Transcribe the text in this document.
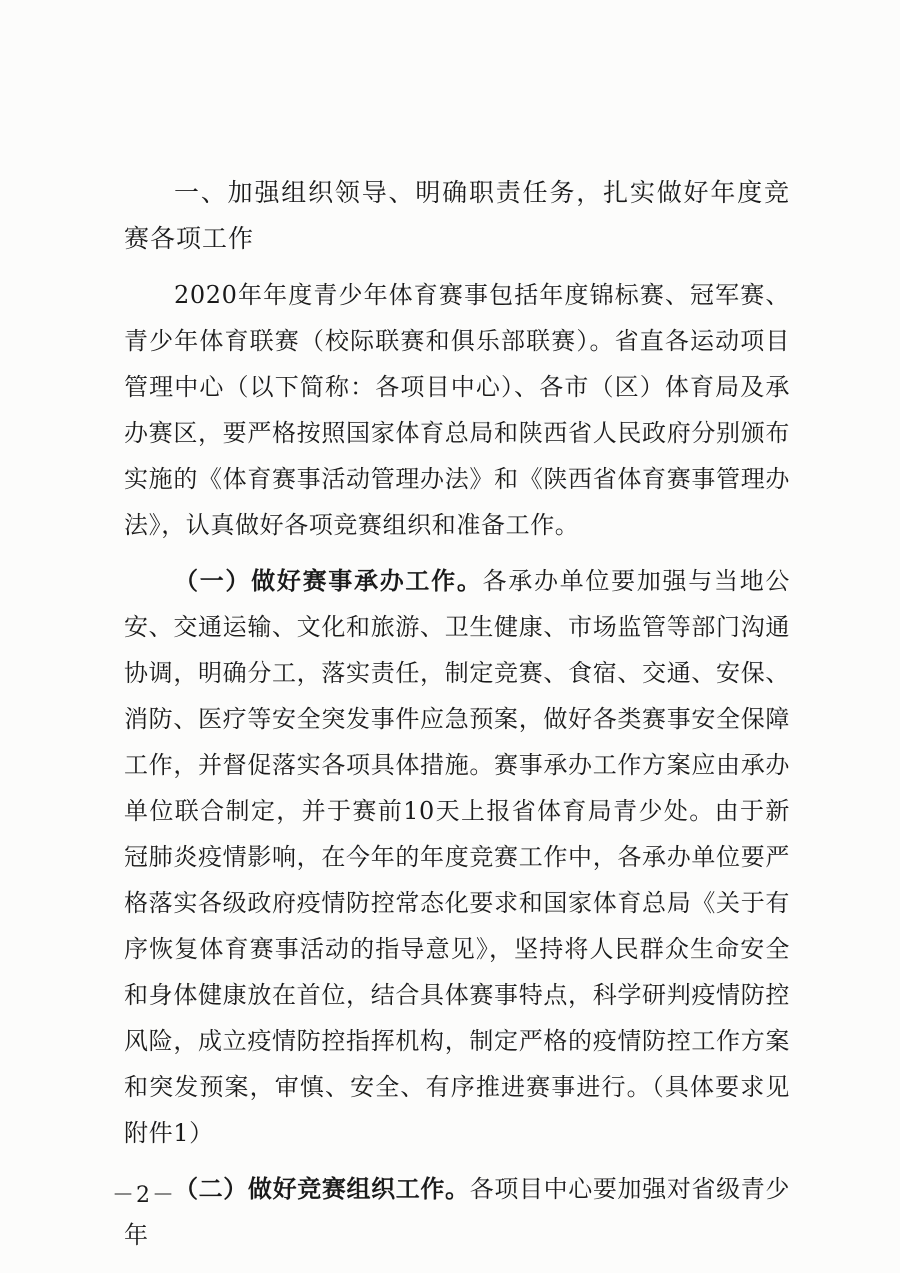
一、加强组织领导、明确职责任务，扎实做好年度竞赛各项工作

2020年年度青少年体育赛事包括年度锦标赛、冠军赛、青少年体育联赛（校际联赛和俱乐部联赛）。省直各运动项目管理中心（以下简称：各项目中心）、各市（区）体育局及承办赛区，要严格按照国家体育总局和陕西省人民政府分别颁布实施的《体育赛事活动管理办法》和《陕西省体育赛事管理办法》，认真做好各项竞赛组织和准备工作。

（一）做好赛事承办工作。各承办单位要加强与当地公安、交通运输、文化和旅游、卫生健康、市场监管等部门沟通协调，明确分工，落实责任，制定竞赛、食宿、交通、安保、消防、医疗等安全突发事件应急预案，做好各类赛事安全保障工作，并督促落实各项具体措施。赛事承办工作方案应由承办单位联合制定，并于赛前10天上报省体育局青少处。由于新冠肺炎疫情影响，在今年的年度竞赛工作中，各承办单位要严格落实各级政府疫情防控常态化要求和国家体育总局《关于有序恢复体育赛事活动的指导意见》，坚持将人民群众生命安全和身体健康放在首位，结合具体赛事特点，科学研判疫情防控风险，成立疫情防控指挥机构，制定严格的疫情防控工作方案和突发预案，审慎、安全、有序推进赛事进行。（具体要求见附件1）

（二）做好竞赛组织工作。各项目中心要加强对省级青少年

－2－
